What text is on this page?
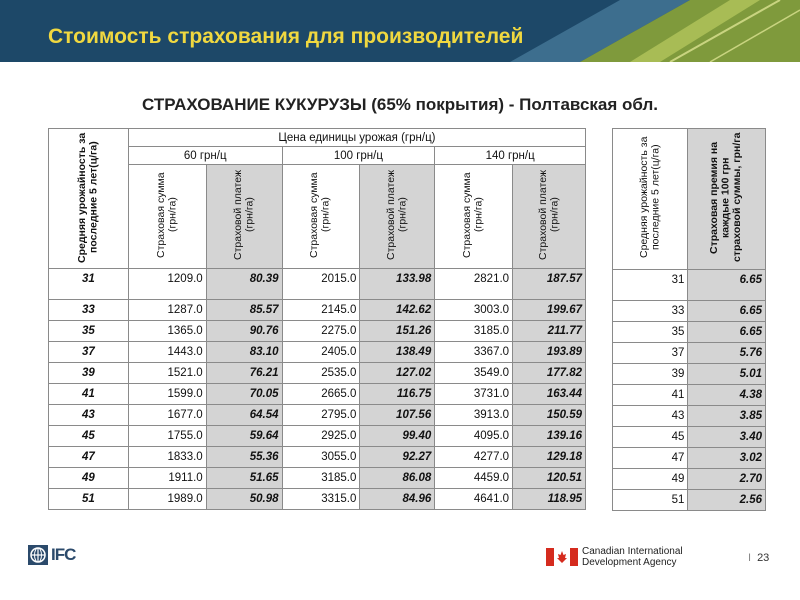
Стоимость страхования для производителей
СТРАХОВАНИЕ КУКУРУЗЫ (65% покрытия) - Полтавская обл.
Средняя урожайность за последние 5 лет(ц/га)	Цена единицы урожая (грн/ц)					
	60 грн/ц		100 грн/ц		140 грн/ц	
	Страховая сумма (грн/га)	Страховой платеж (грн/га)	Страховая сумма (грн/га)	Страховой платеж (грн/га)	Страховая сумма (грн/га)	Страховой платеж (грн/га)
31	1209.0	80.39	2015.0	133.98	2821.0	187.57
33	1287.0	85.57	2145.0	142.62	3003.0	199.67
35	1365.0	90.76	2275.0	151.26	3185.0	211.77
37	1443.0	83.10	2405.0	138.49	3367.0	193.89
39	1521.0	76.21	2535.0	127.02	3549.0	177.82
41	1599.0	70.05	2665.0	116.75	3731.0	163.44
43	1677.0	64.54	2795.0	107.56	3913.0	150.59
45	1755.0	59.64	2925.0	99.40	4095.0	139.16
47	1833.0	55.36	3055.0	92.27	4277.0	129.18
49	1911.0	51.65	3185.0	86.08	4459.0	120.51
51	1989.0	50.98	3315.0	84.96	4641.0	118.95
Средняя урожайность за последние 5 лет(ц/га)	Страховая премия на каждые 100 грн страховой суммы, грн/га
31	6.65
33	6.65
35	6.65
37	5.76
39	5.01
41	4.38
43	3.85
45	3.40
47	3.02
49	2.70
51	2.56
IFC	Canadian International
Development Agency	I 23
